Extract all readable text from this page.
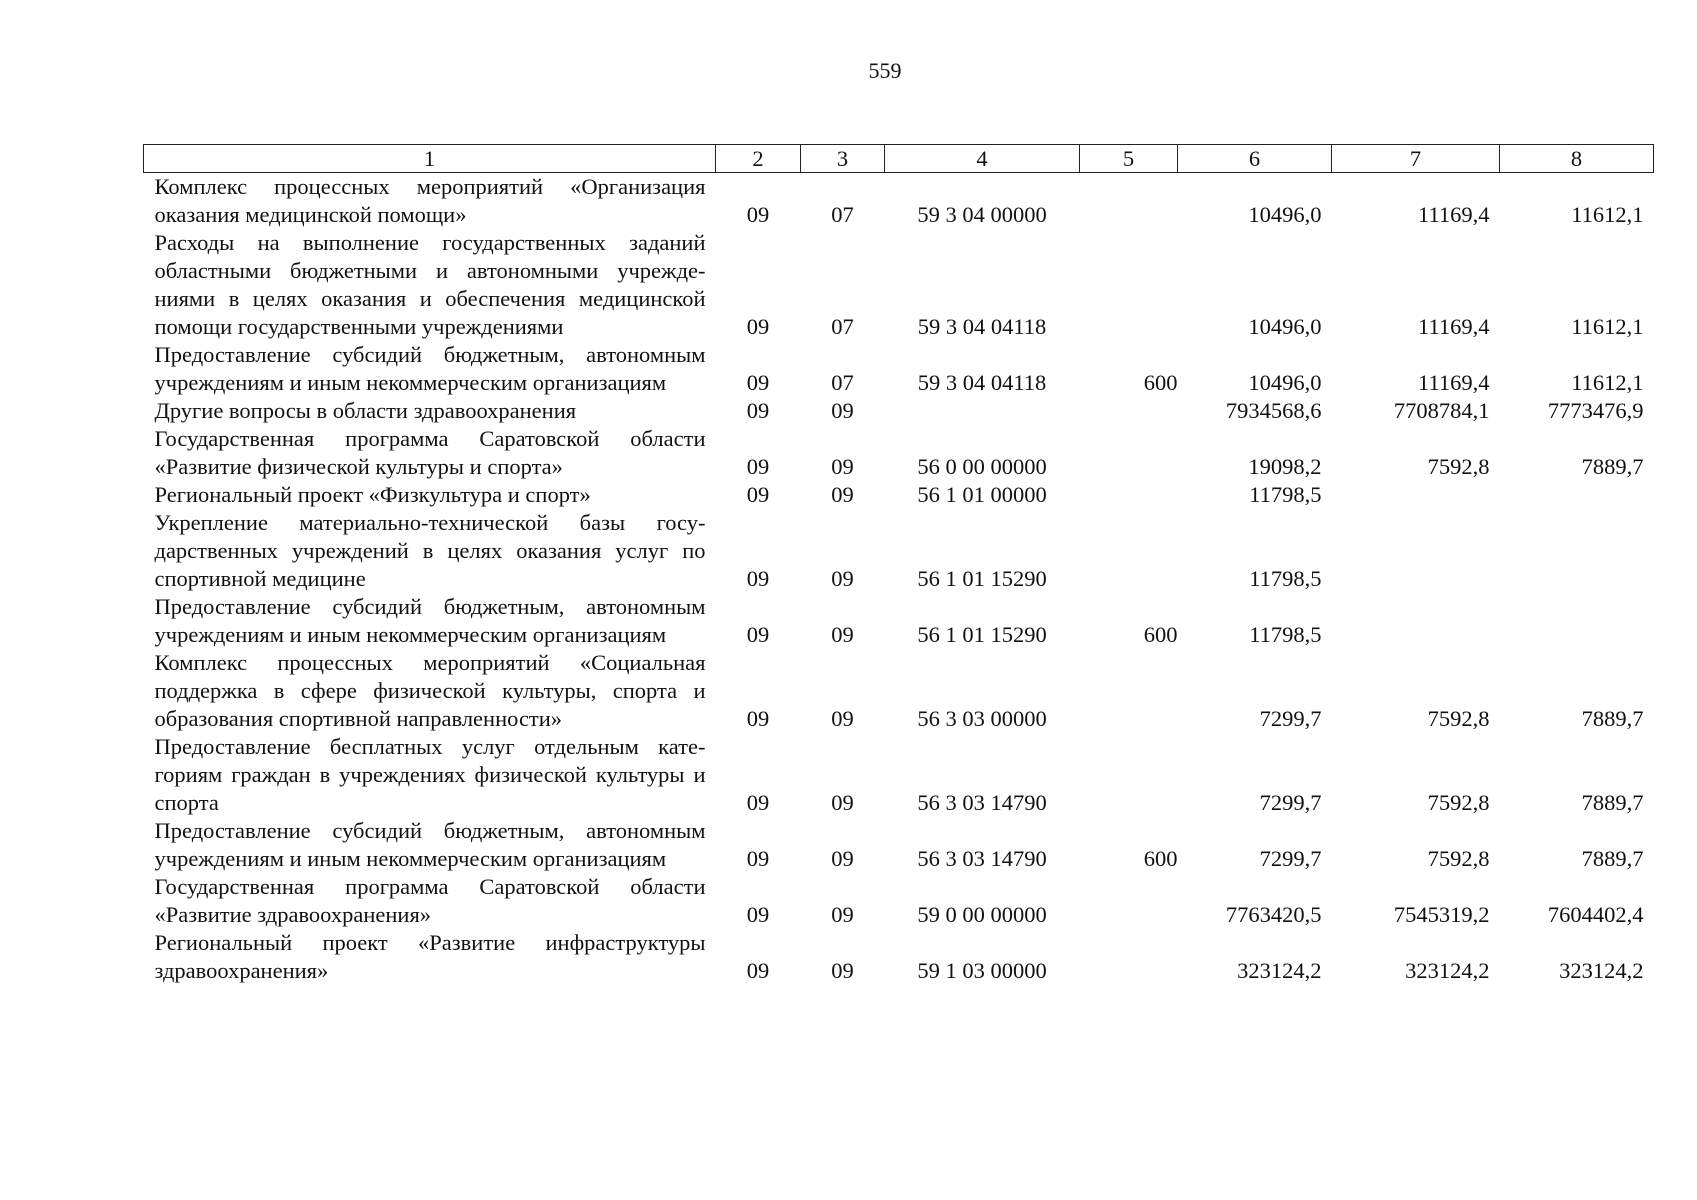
559
1	2	3	4	5	6	7	8
Комплекс процессных мероприятий «Организация оказания медицинской помощи»	09	07	59 3 04 00000		10496,0	11169,4	11612,1
Расходы на выполнение государственных заданий областными бюджетными и автономными учреждениями в целях оказания и обеспечения медицинской помощи государственными учреждениями	09	07	59 3 04 04118		10496,0	11169,4	11612,1
Предоставление субсидий бюджетным, автономным учреждениям и иным некоммерческим организациям	09	07	59 3 04 04118	600	10496,0	11169,4	11612,1
Другие вопросы в области здравоохранения	09	09			7934568,6	7708784,1	7773476,9
Государственная программа Саратовской области «Развитие физической культуры и спорта»	09	09	56 0 00 00000		19098,2	7592,8	7889,7
Региональный проект «Физкультура и спорт»	09	09	56 1 01 00000		11798,5		
Укрепление материально-технической базы государственных учреждений в целях оказания услуг по спортивной медицине	09	09	56 1 01 15290		11798,5		
Предоставление субсидий бюджетным, автономным учреждениям и иным некоммерческим организациям	09	09	56 1 01 15290	600	11798,5		
Комплекс процессных мероприятий «Социальная поддержка в сфере физической культуры, спорта и образования спортивной направленности»	09	09	56 3 03 00000		7299,7	7592,8	7889,7
Предоставление бесплатных услуг отдельным категориям граждан в учреждениях физической культуры и спорта	09	09	56 3 03 14790		7299,7	7592,8	7889,7
Предоставление субсидий бюджетным, автономным учреждениям и иным некоммерческим организациям	09	09	56 3 03 14790	600	7299,7	7592,8	7889,7
Государственная программа Саратовской области «Развитие здравоохранения»	09	09	59 0 00 00000		7763420,5	7545319,2	7604402,4
Региональный проект «Развитие инфраструктуры здравоохранения»	09	09	59 1 03 00000		323124,2	323124,2	323124,2
